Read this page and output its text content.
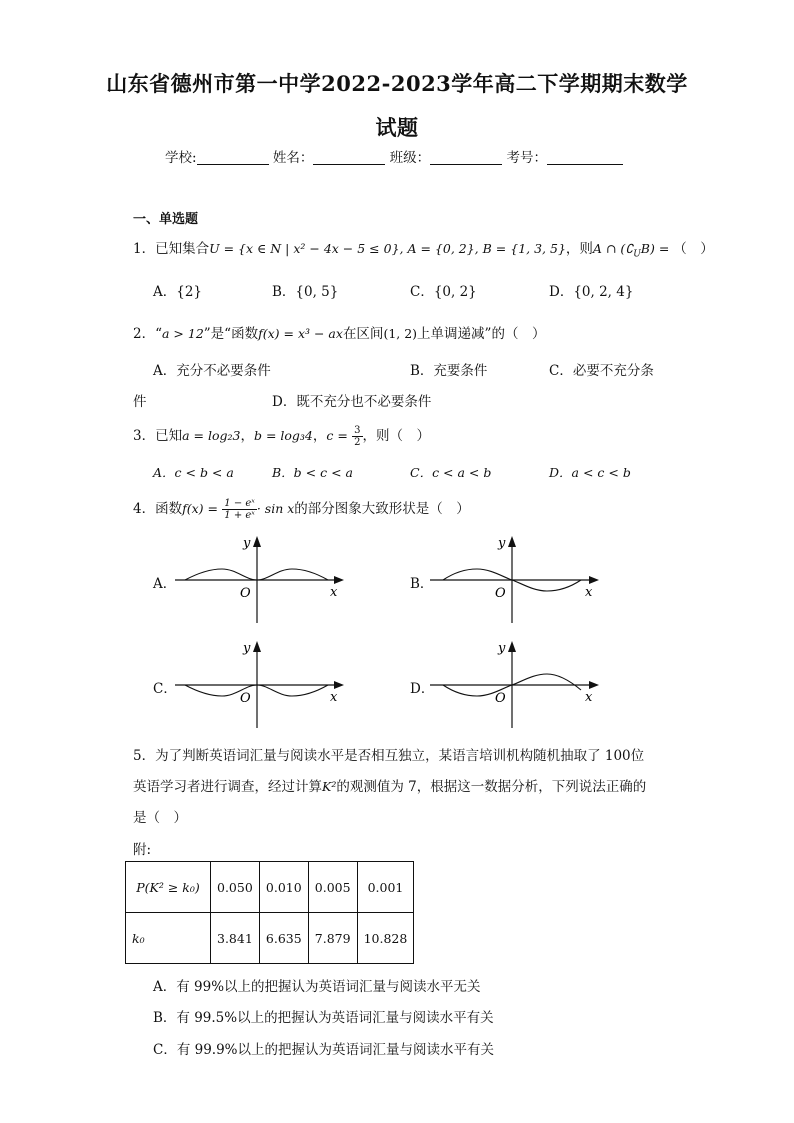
山东省德州市第一中学2022-2023学年高二下学期期末数学
试题
学校:	姓名：	班级：	考号：
一、单选题
1．已知集合U = {x ∈ N | x² − 4x − 5 ≤ 0}, A = {0, 2}, B = {1, 3, 5}，则A ∩ $(∁_UB)$ = （　）
A．{2}	B．{0, 5}	C．{0, 2}	D．{0, 2, 4}
2．“a > 12”是“函数f(x) = x³ − ax在区间(1, 2)上单调递减”的（　）
A．充分不必要条件	B．充要条件	C．必要不充分条
件	D．既不充分也不必要条件
3．已知a = log₂3，b = log₃4，$c = \frac{3}{2}$，则（　）
A．c < b < a	B．b < c < a	C．c < a < b	D．a < c < b
4．函数$f(x) = \frac{\text{1 − eˣ}}{\text{1 + eˣ}}\cdot \sin x$的部分图象大致形状是（　）
A．	B．
C．	D．
y
x
O
y
x
O
y
x
O
y
x
O
5．为了判断英语词汇量与阅读水平是否相互独立，某语言培训机构随机抽取了 100位
英语学习者进行调查，经过计算K²的观测值为 7，根据这一数据分析，下列说法正确的
是（　）
附:
P(K² ≥ k₀)	0.050	0.010	0.005	0.001
k₀	3.841	6.635	7.879	10.828
A．有 99%以上的把握认为英语词汇量与阅读水平无关
B．有 99.5%以上的把握认为英语词汇量与阅读水平有关
C．有 99.9%以上的把握认为英语词汇量与阅读水平有关
